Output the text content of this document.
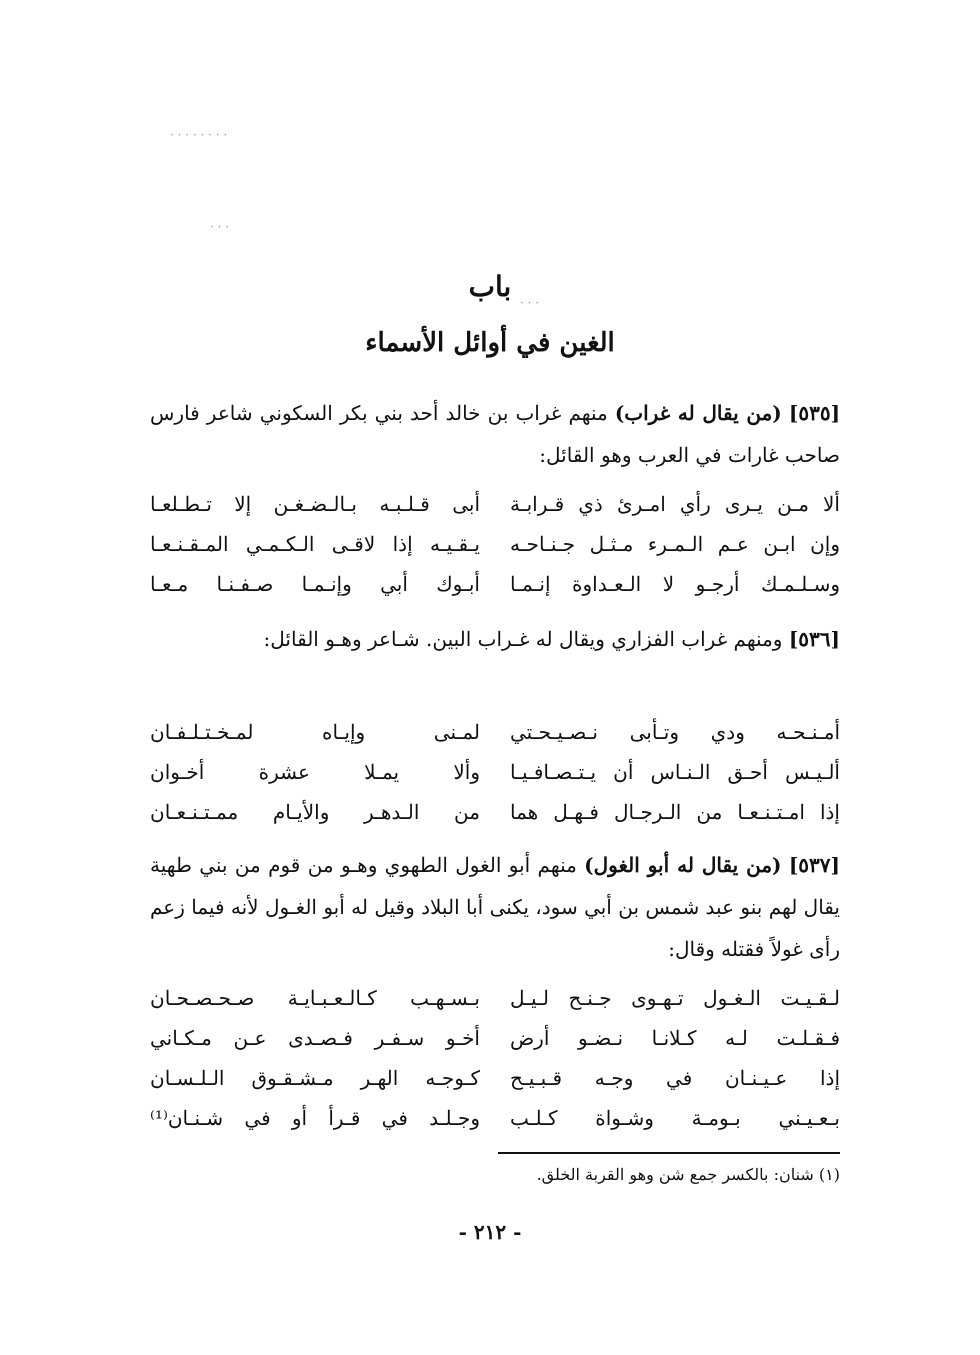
· · · · · · · ·
· · ·
· · ·
باب
الغين في أوائل الأسماء
[٥٣٥] (من يقال له غراب) منهم غراب بن خالد أحد بني بكر السكوني شاعر فارس صاحب غارات في العرب وهو القائل:
ألا مـن يـرى رأي امـرئ ذي قـرابـة
أبى قـلـبـه بـالـضـغـن إلا تـطـلعـا
وإن ابـن عـم الـمـرء مـثـل جـنـاحـه
يـقـيـه إذا لاقـى الـكـمـي المـقـنـعـا
وسـلـمـك أرجـو لا الـعـداوة إنـمـا
أبـوك أبي وإنـمـا صـفـنـا مـعـا
[٥٣٦] ومنهم غراب الفزاري ويقال له غـراب البين. شـاعر وهـو القائل:
أمـنـحـه ودي وتـأبى نـصـيـحـتي
لمـنى وإيـاه لمـخـتـلـفـان
ألـيـس أحـق الـنـاس أن يـتـصـافـيـا
وألا يمـلا عشرة أخـوان
إذا امـتـنـعـا من الـرجـال فـهـل هما
من الـدهـر والأيـام ممـتـنـعـان
[٥٣٧] (من يقال له أبو الغول) منهم أبو الغول الطهوي وهـو من قوم من بني طهية يقال لهم بنو عبد شمس بن أبي سود، يكنى أبا البلاد وقيل له أبو الغـول لأنه فيما زعم رأى غولاً فقتله وقال:
لـقـيـت الـغـول تـهـوى جـنـح لـيـل
بـسـهـب كـالـعـبـايـة صـحـصـحـان
فـقـلـت لـه كـلانـا نـضـو أرض
أخـو سـفـر فـصـدى عـن مـكـاني
إذا عـيـنـان في وجـه قـبـيـح
كـوجـه الهـر مـشـقـوق الـلـسـان
بـعـيـني بـومـة وشـواة كـلـب
وجـلـد في قـرأ أو في شـنـان⁽¹⁾
(١) شنان: بالكسر جمع شن وهو القربة الخلق.
- ٢١٢ -
